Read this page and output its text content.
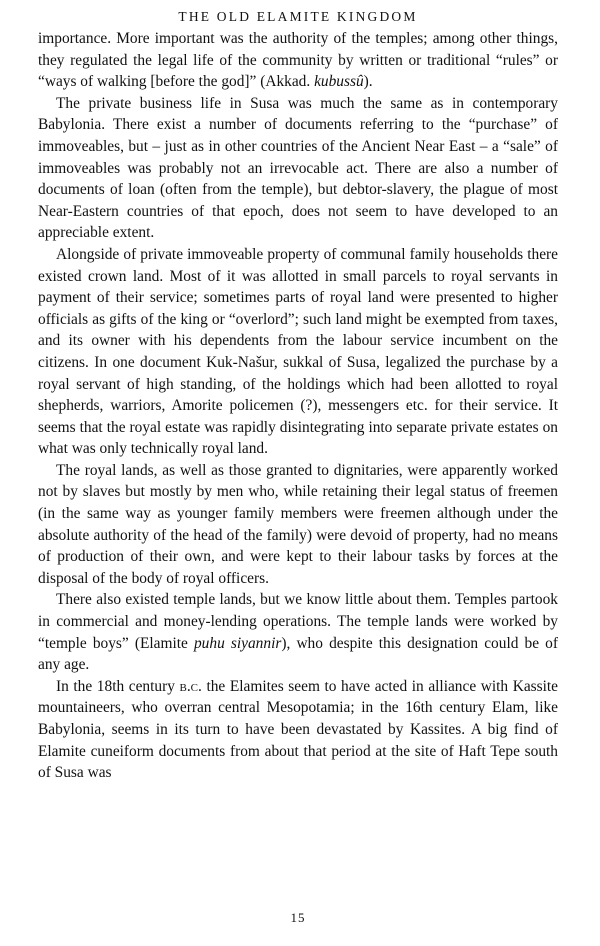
THE OLD ELAMITE KINGDOM

importance. More important was the authority of the temples; among other things, they regulated the legal life of the community by written or traditional “rules” or “ways of walking [before the god]” (Akkad. kubussû).

The private business life in Susa was much the same as in contemporary Babylonia. There exist a number of documents referring to the “purchase” of immoveables, but – just as in other countries of the Ancient Near East – a “sale” of immoveables was probably not an irrevocable act. There are also a number of documents of loan (often from the temple), but debtor-slavery, the plague of most Near-Eastern countries of that epoch, does not seem to have developed to an appreciable extent.

Alongside of private immoveable property of communal family households there existed crown land. Most of it was allotted in small parcels to royal servants in payment of their service; sometimes parts of royal land were presented to higher officials as gifts of the king or “overlord”; such land might be exempted from taxes, and its owner with his dependents from the labour service incumbent on the citizens. In one document Kuk-Našur, sukkal of Susa, legalized the purchase by a royal servant of high standing, of the holdings which had been allotted to royal shepherds, warriors, Amorite policemen (?), messengers etc. for their service. It seems that the royal estate was rapidly disintegrating into separate private estates on what was only technically royal land.

The royal lands, as well as those granted to dignitaries, were apparently worked not by slaves but mostly by men who, while retaining their legal status of freemen (in the same way as younger family members were freemen although under the absolute authority of the head of the family) were devoid of property, had no means of production of their own, and were kept to their labour tasks by forces at the disposal of the body of royal officers.

There also existed temple lands, but we know little about them. Temples partook in commercial and money-lending operations. The temple lands were worked by “temple boys” (Elamite puhu siyannir), who despite this designation could be of any age.

In the 18th century b.c. the Elamites seem to have acted in alliance with Kassite mountaineers, who overran central Mesopotamia; in the 16th century Elam, like Babylonia, seems in its turn to have been devastated by Kassites. A big find of Elamite cuneiform documents from about that period at the site of Haft Tepe south of Susa was

15
